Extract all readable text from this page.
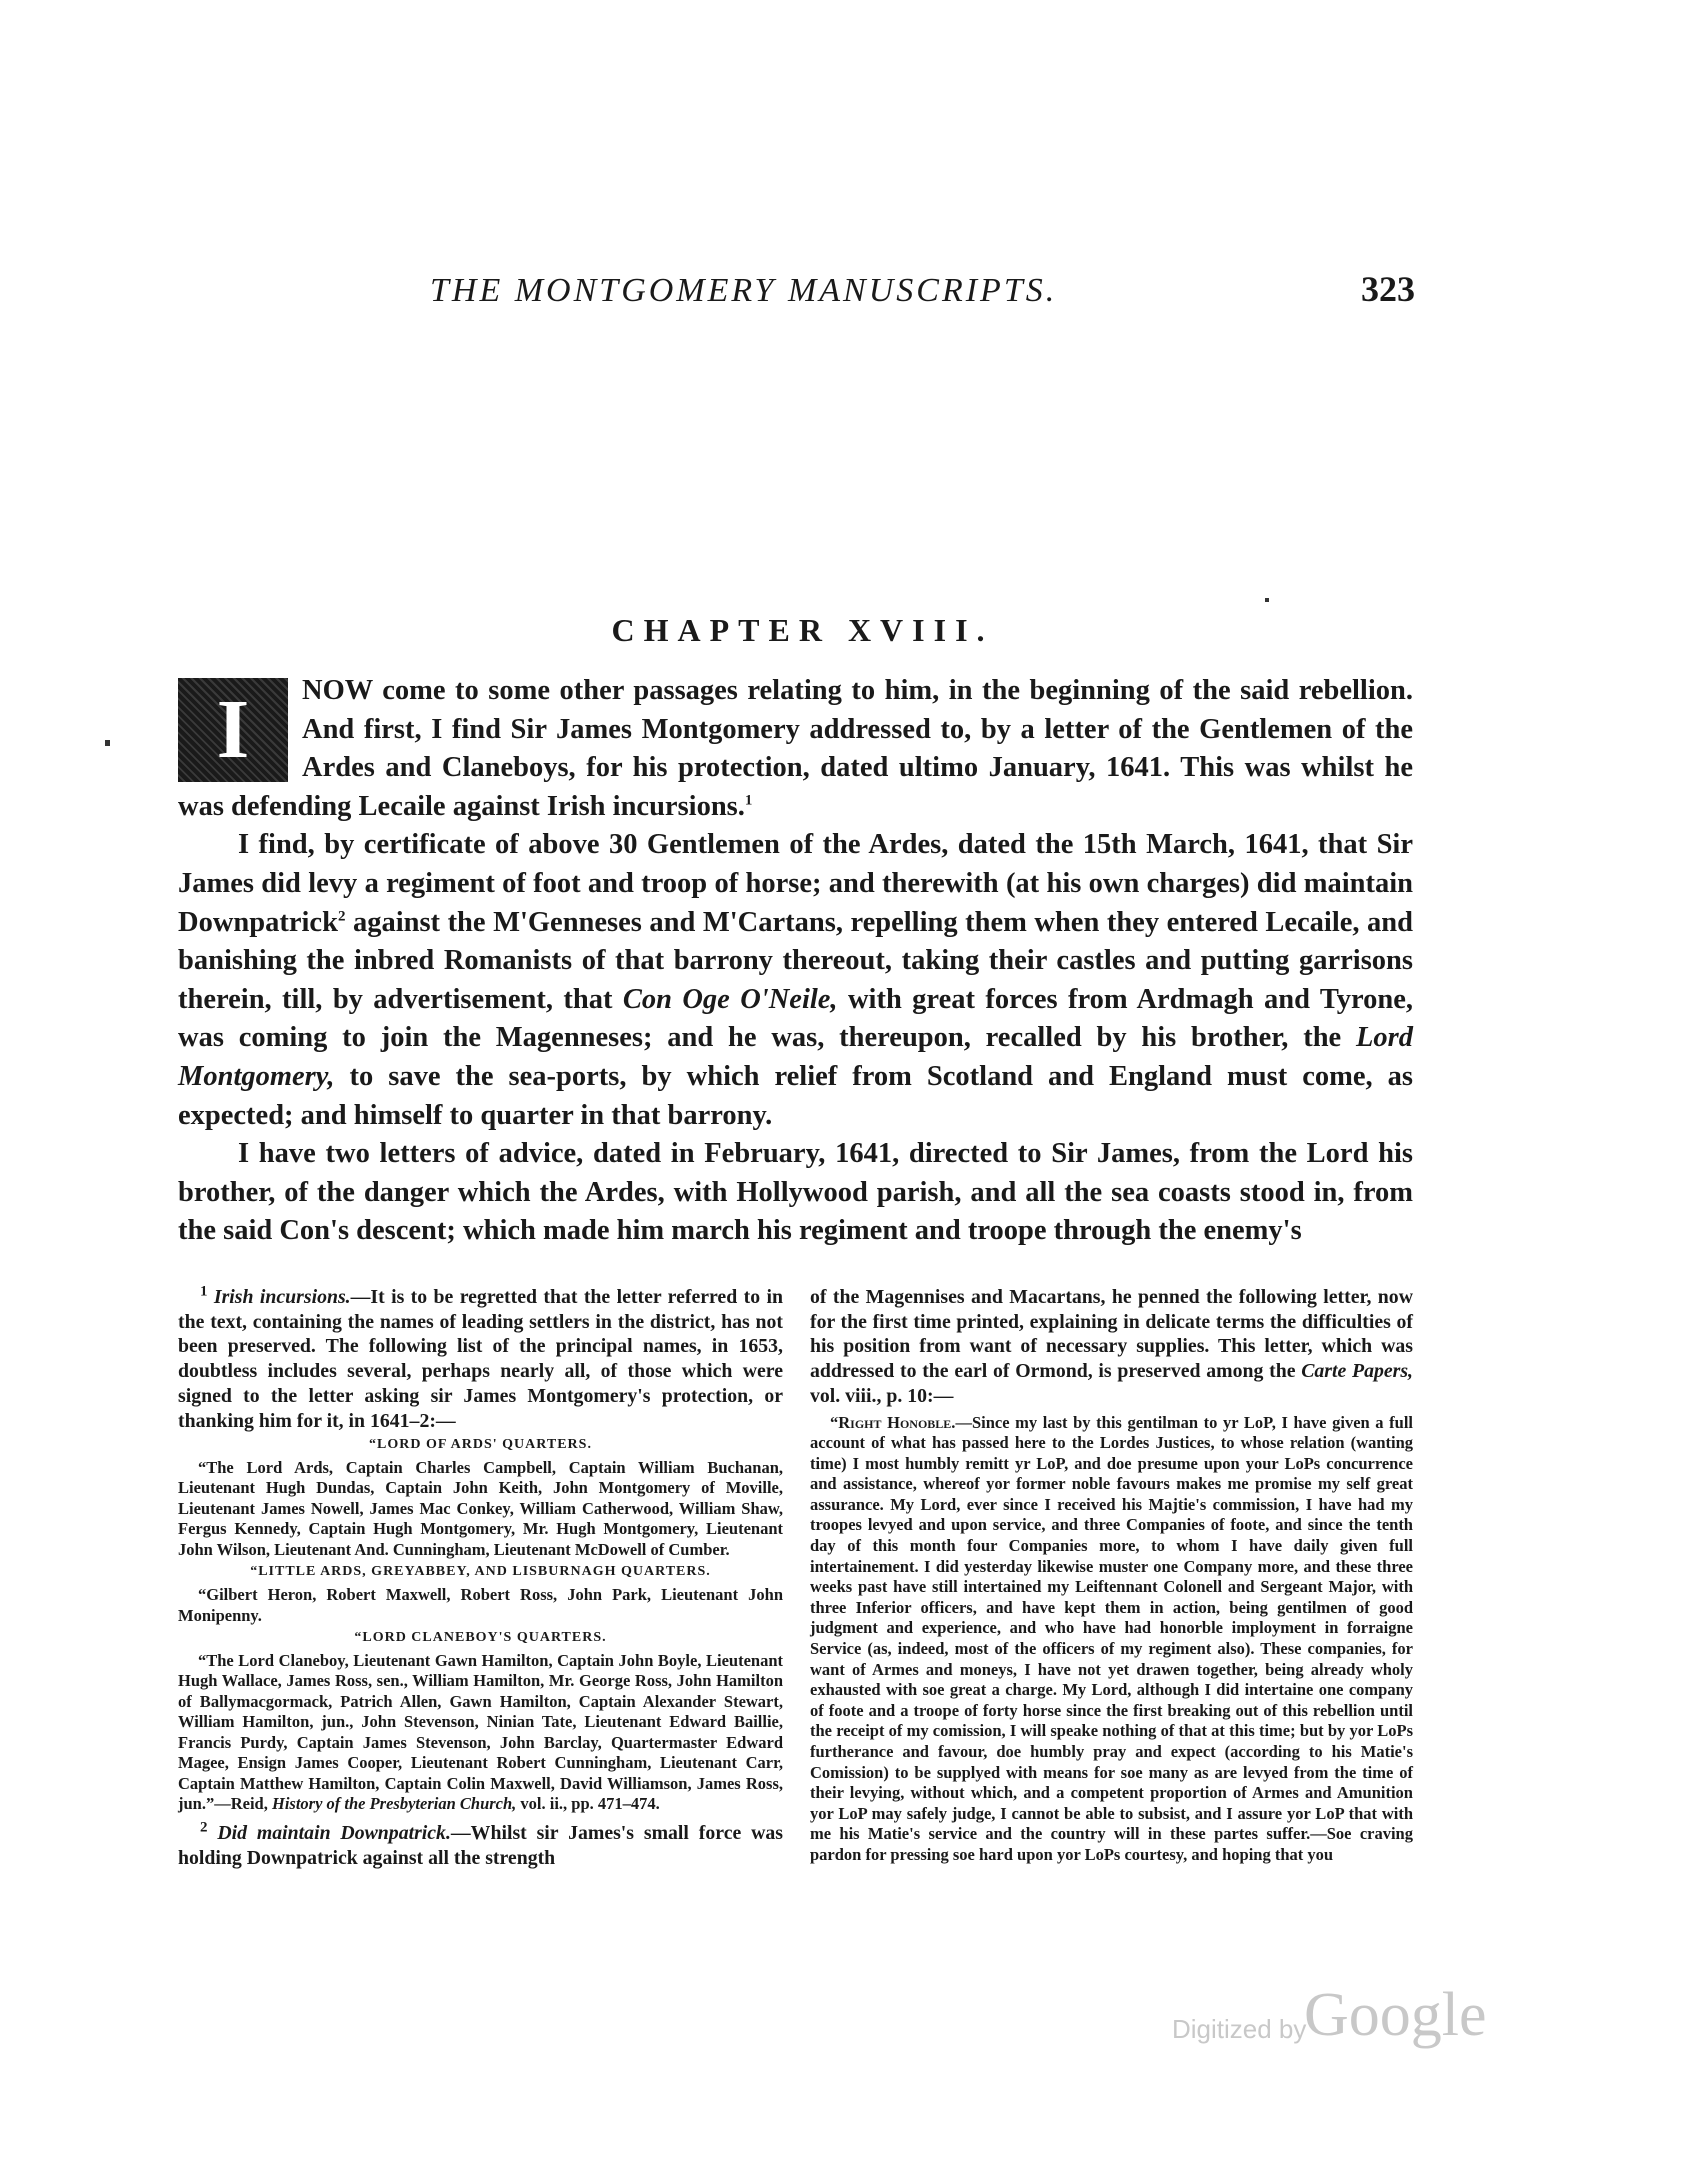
THE MONTGOMERY MANUSCRIPTS.	323
CHAPTER XVIII.

I	NOW come to some other passages relating to him, in the beginning of the said rebellion. And first, I find Sir James Montgomery addressed to, by a letter of the Gentlemen of the Ardes and Claneboys, for his protection, dated ultimo January, 1641. This was whilst he was defending Lecaile against Irish incursions.$^1$

I find, by certificate of above 30 Gentlemen of the Ardes, dated the 15th March, 1641, that Sir James did levy a regiment of foot and troop of horse; and therewith (at his own charges) did maintain Downpatrick$^2$ against the M'Genneses and M'Cartans, repelling them when they entered Lecaile, and banishing the inbred Romanists of that barrony thereout, taking their castles and putting garrisons therein, till, by advertisement, that Con Oge O'Neile, with great forces from Ardmagh and Tyrone, was coming to join the Magenneses; and he was, thereupon, recalled by his brother, the Lord Montgomery, to save the sea-ports, by which relief from Scotland and England must come, as expected; and himself to quarter in that barrony.

I have two letters of advice, dated in February, 1641, directed to Sir James, from the Lord his brother, of the danger which the Ardes, with Hollywood parish, and all the sea coasts stood in, from the said Con's descent; which made him march his regiment and troope through the enemy's

$^1$ Irish incursions.—It is to be regretted that the letter referred to in the text, containing the names of leading settlers in the district, has not been preserved. The following list of the principal names, in 1653, doubtless includes several, perhaps nearly all, of those which were signed to the letter asking sir James Montgomery's protection, or thanking him for it, in 1641–2:—

“LORD OF ARDS' QUARTERS.

“The Lord Ards, Captain Charles Campbell, Captain William Buchanan, Lieutenant Hugh Dundas, Captain John Keith, John Montgomery of Moville, Lieutenant James Nowell, James Mac Conkey, William Catherwood, William Shaw, Fergus Kennedy, Captain Hugh Montgomery, Mr. Hugh Montgomery, Lieutenant John Wilson, Lieutenant And. Cunningham, Lieutenant McDowell of Cumber.

“LITTLE ARDS, GREYABBEY, AND LISBURNAGH QUARTERS.

“Gilbert Heron, Robert Maxwell, Robert Ross, John Park, Lieutenant John Monipenny.

“LORD CLANEBOY'S QUARTERS.

“The Lord Claneboy, Lieutenant Gawn Hamilton, Captain John Boyle, Lieutenant Hugh Wallace, James Ross, sen., William Hamilton, Mr. George Ross, John Hamilton of Ballymacgormack, Patrich Allen, Gawn Hamilton, Captain Alexander Stewart, William Hamilton, jun., John Stevenson, Ninian Tate, Lieutenant Edward Baillie, Francis Purdy, Captain James Stevenson, John Barclay, Quartermaster Edward Magee, Ensign James Cooper, Lieutenant Robert Cunningham, Lieutenant Carr, Captain Matthew Hamilton, Captain Colin Maxwell, David Williamson, James Ross, jun.”—Reid, History of the Presbyterian Church, vol. ii., pp. 471–474.

$^2$ Did maintain Downpatrick.—Whilst sir James's small force was holding Downpatrick against all the strength

of the Magennises and Macartans, he penned the following letter, now for the first time printed, explaining in delicate terms the difficulties of his position from want of necessary supplies. This letter, which was addressed to the earl of Ormond, is preserved among the Carte Papers, vol. viii., p. 10:—

“Right Honoble.—Since my last by this gentilman to yr LoP, I have given a full account of what has passed here to the Lordes Justices, to whose relation (wanting time) I most humbly remitt yr LoP, and doe presume upon your LoPs concurrence and assistance, whereof yor former noble favours makes me promise my self great assurance. My Lord, ever since I received his Majtie's commission, I have had my troopes levyed and upon service, and three Companies of foote, and since the tenth day of this month four Companies more, to whom I have daily given full intertainement. I did yesterday likewise muster one Company more, and these three weeks past have still intertained my Leiftennant Colonell and Sergeant Major, with three Inferior officers, and have kept them in action, being gentilmen of good judgment and experience, and who have had honorble imployment in forraigne Service (as, indeed, most of the officers of my regiment also). These companies, for want of Armes and moneys, I have not yet drawen together, being already wholy exhausted with soe great a charge. My Lord, although I did intertaine one company of foote and a troope of forty horse since the first breaking out of this rebellion until the receipt of my comission, I will speake nothing of that at this time; but by yor LoPs furtherance and favour, doe humbly pray and expect (according to his Matie's Comission) to be supplyed with means for soe many as are levyed from the time of their levying, without which, and a competent proportion of Armes and Amunition yor LoP may safely judge, I cannot be able to subsist, and I assure yor LoP that with me his Matie's service and the country will in these partes suffer.—Soe craving pardon for pressing soe hard upon yor LoPs courtesy, and hoping that you

Digitized by
Google
